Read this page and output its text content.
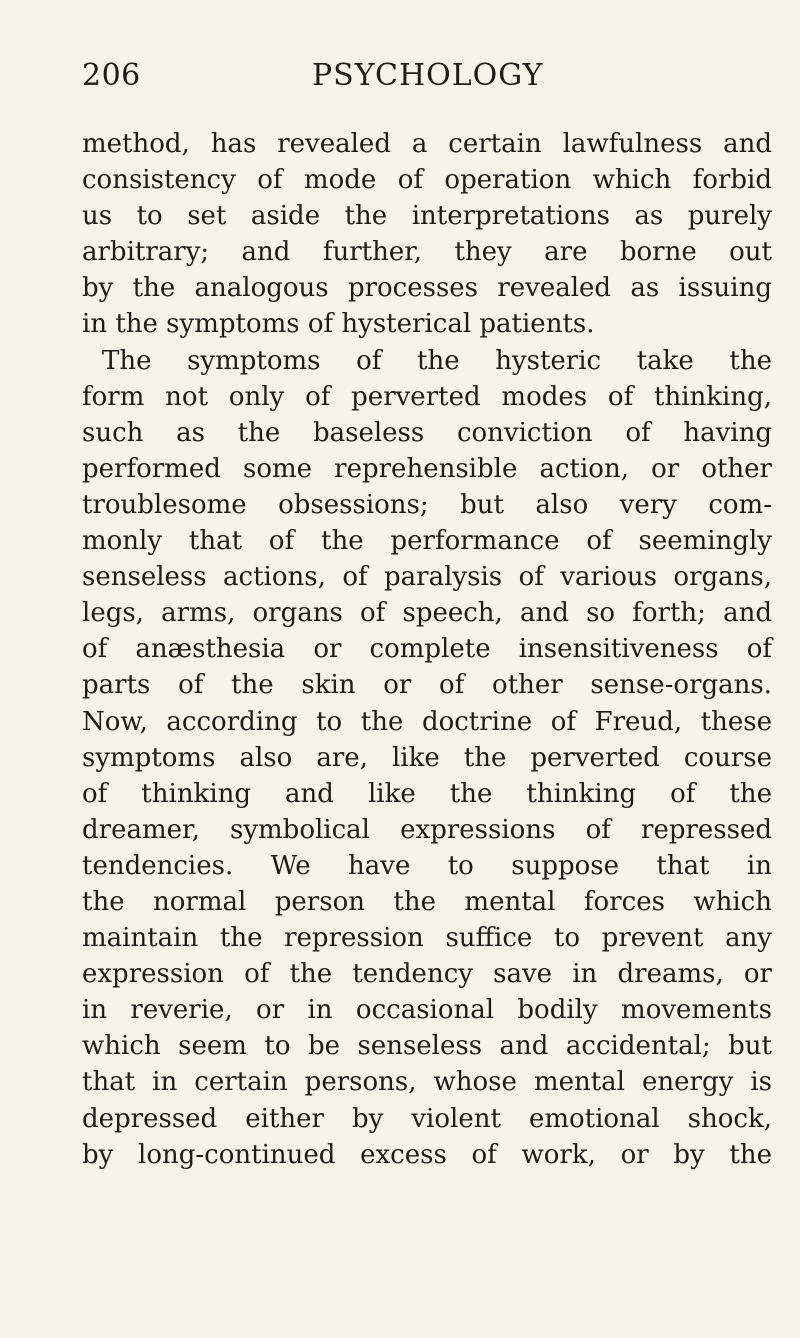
206	PSYCHOLOGY
method, has revealed a certain lawfulness and
consistency of mode of operation which forbid
us to set aside the interpretations as purely
arbitrary; and further, they are borne out
by the analogous processes revealed as issuing
in the symptoms of hysterical patients.
The symptoms of the hysteric take the
form not only of perverted modes of thinking,
such as the baseless conviction of having
performed some reprehensible action, or other
troublesome obsessions; but also very com-
monly that of the performance of seemingly
senseless actions, of paralysis of various organs,
legs, arms, organs of speech, and so forth; and
of anæsthesia or complete insensitiveness of
parts of the skin or of other sense-organs.
Now, according to the doctrine of Freud, these
symptoms also are, like the perverted course
of thinking and like the thinking of the
dreamer, symbolical expressions of repressed
tendencies. We have to suppose that in
the normal person the mental forces which
maintain the repression suffice to prevent any
expression of the tendency save in dreams, or
in reverie, or in occasional bodily movements
which seem to be senseless and accidental; but
that in certain persons, whose mental energy is
depressed either by violent emotional shock,
by long-continued excess of work, or by the
